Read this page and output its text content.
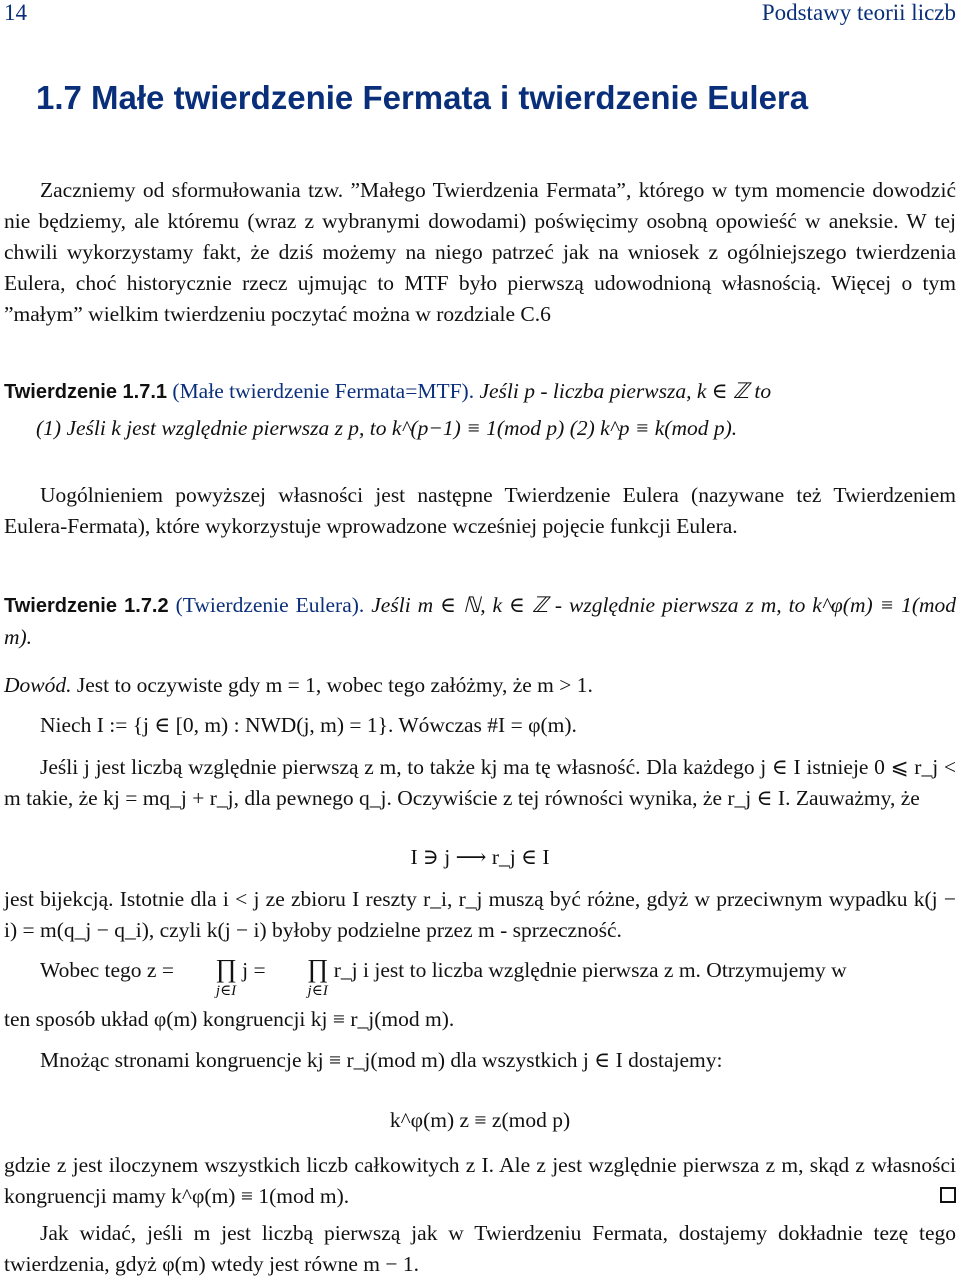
14	Podstawy teorii liczb
1.7 Małe twierdzenie Fermata i twierdzenie Eulera
Zaczniemy od sformułowania tzw. ”Małego Twierdzenia Fermata”, którego w tym momencie dowodzić nie będziemy, ale któremu (wraz z wybranymi dowodami) poświęcimy osobną opowieść w aneksie. W tej chwili wykorzystamy fakt, że dziś możemy na niego patrzeć jak na wniosek z ogólniejszego twierdzenia Eulera, choć historycznie rzecz ujmując to MTF było pierwszą udowodnioną własnością. Więcej o tym ”małym” wielkim twierdzeniu poczytać można w rozdziale C.6

Twierdzenie 1.7.1 (Małe twierdzenie Fermata=MTF). Jeśli p - liczba pierwsza, k ∈ ℤ to

(1) Jeśli k jest względnie pierwsza z p, to k^(p−1) ≡ 1(mod p) (2) k^p ≡ k(mod p).

Uogólnieniem powyższej własności jest następne Twierdzenie Eulera (nazywane też Twierdzeniem Eulera-Fermata), które wykorzystuje wprowadzone wcześniej pojęcie funkcji Eulera.
Twierdzenie 1.7.2 (Twierdzenie Eulera). Jeśli m ∈ ℕ, k ∈ ℤ - względnie pierwsza z m, to k^φ(m) ≡ 1(mod m).
Dowód. Jest to oczywiste gdy m = 1, wobec tego załóżmy, że m > 1.
Niech I := {j ∈ [0, m) : NWD(j, m) = 1}. Wówczas #I = φ(m).
Jeśli j jest liczbą względnie pierwszą z m, to także kj ma tę własność. Dla każdego j ∈ I istnieje 0 ⩽ r_j < m takie, że kj = mq_j + r_j, dla pewnego q_j. Oczywiście z tej równości wynika, że r_j ∈ I. Zauważmy, że
I ∋ j ⟶ r_j ∈ I
jest bijekcją. Istotnie dla i < j ze zbioru I reszty r_i, r_j muszą być różne, gdyż w przeciwnym wypadku k(j − i) = m(q_j − q_i), czyli k(j − i) byłoby podzielne przez m - sprzeczność.
Wobec tego z =	∏
j∈I
j =	∏
j∈I
r_j i jest to liczba względnie pierwsza z m. Otrzymujemy w
ten sposób układ φ(m) kongruencji kj ≡ r_j(mod m).
Mnożąc stronami kongruencje kj ≡ r_j(mod m) dla wszystkich j ∈ I dostajemy:
k^φ(m) z ≡ z(mod p)
gdzie z jest iloczynem wszystkich liczb całkowitych z I. Ale z jest względnie pierwsza z m, skąd z własności kongruencji mamy k^φ(m) ≡ 1(mod m).
Jak widać, jeśli m jest liczbą pierwszą jak w Twierdzeniu Fermata, dostajemy dokładnie tezę tego twierdzenia, gdyż φ(m) wtedy jest równe m − 1.
